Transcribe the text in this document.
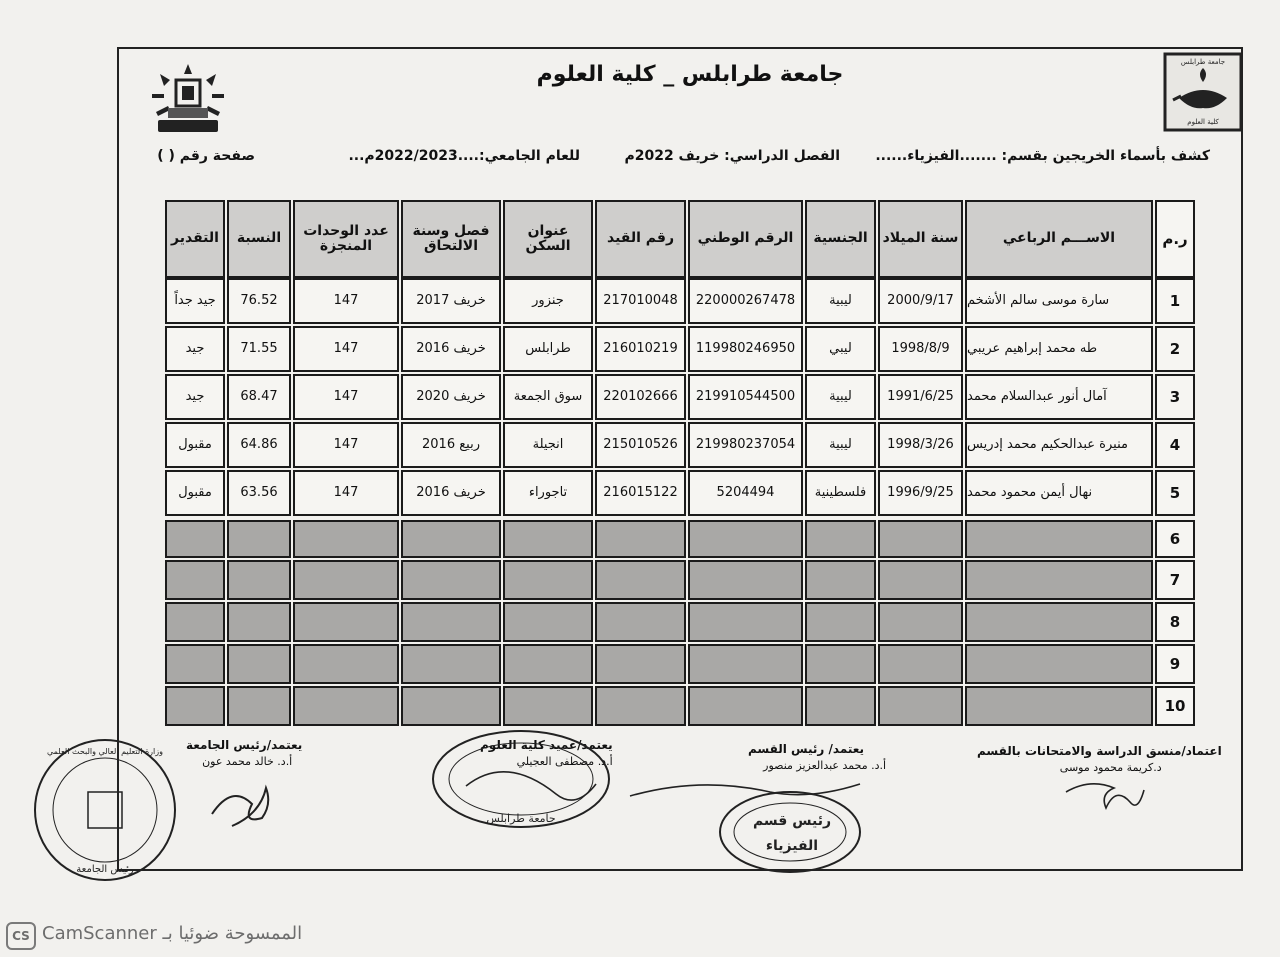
جامعة طرابلس
كلية العلوم
جامعة طرابلس _ كلية العلوم
كشف بأسماء الخريجين بقسم: .......الفيزياء......
الفصل الدراسي: خريف 2022م
للعام الجامعي:....2022/2023م...
صفحة رقم ( )
ر.م
الاســـم الرباعي
سنة الميلاد
الجنسية
الرقم الوطني
رقم القيد
عنوان السكن
فصل وسنة الالتحاق
عدد الوحدات المنجزة
النسبة
التقدير
1
سارة موسى سالم الأشخم
2000/9/17
ليبية
220000267478
217010048
جنزور
خريف 2017
147
76.52
جيد جداً
2
طه محمد إبراهيم عريبي
1998/8/9
ليبي
119980246950
216010219
طرابلس
خريف 2016
147
71.55
جيد
3
آمال أنور عبدالسلام محمد
1991/6/25
ليبية
219910544500
220102666
سوق الجمعة
خريف 2020
147
68.47
جيد
4
منيرة عبدالحكيم محمد إدريس
1998/3/26
ليبية
219980237054
215010526
انجيلة
ربيع 2016
147
64.86
مقبول
5
نهال أيمن محمود محمد
1996/9/25
فلسطينية
5204494
216015122
تاجوراء
خريف 2016
147
63.56
مقبول
6
7
8
9
10
اعتماد/منسق الدراسة والامتحانات بالقسم
د.كريمة محمود موسى
يعتمد/ رئيس القسم
أ.د. محمد عبدالعزيز منصور
رئيس قسم
الفيزياء
يعتمد/عميد كلية العلوم
أ.د. مصطفى العجيلي
جامعة طرابلس
يعتمد/رئيس الجامعة
أ.د. خالد محمد عون
وزارة التعليم العالي والبحث العلمي
رئيس الجامعة
CS الممسوحة ضوئيا بـ CamScanner
